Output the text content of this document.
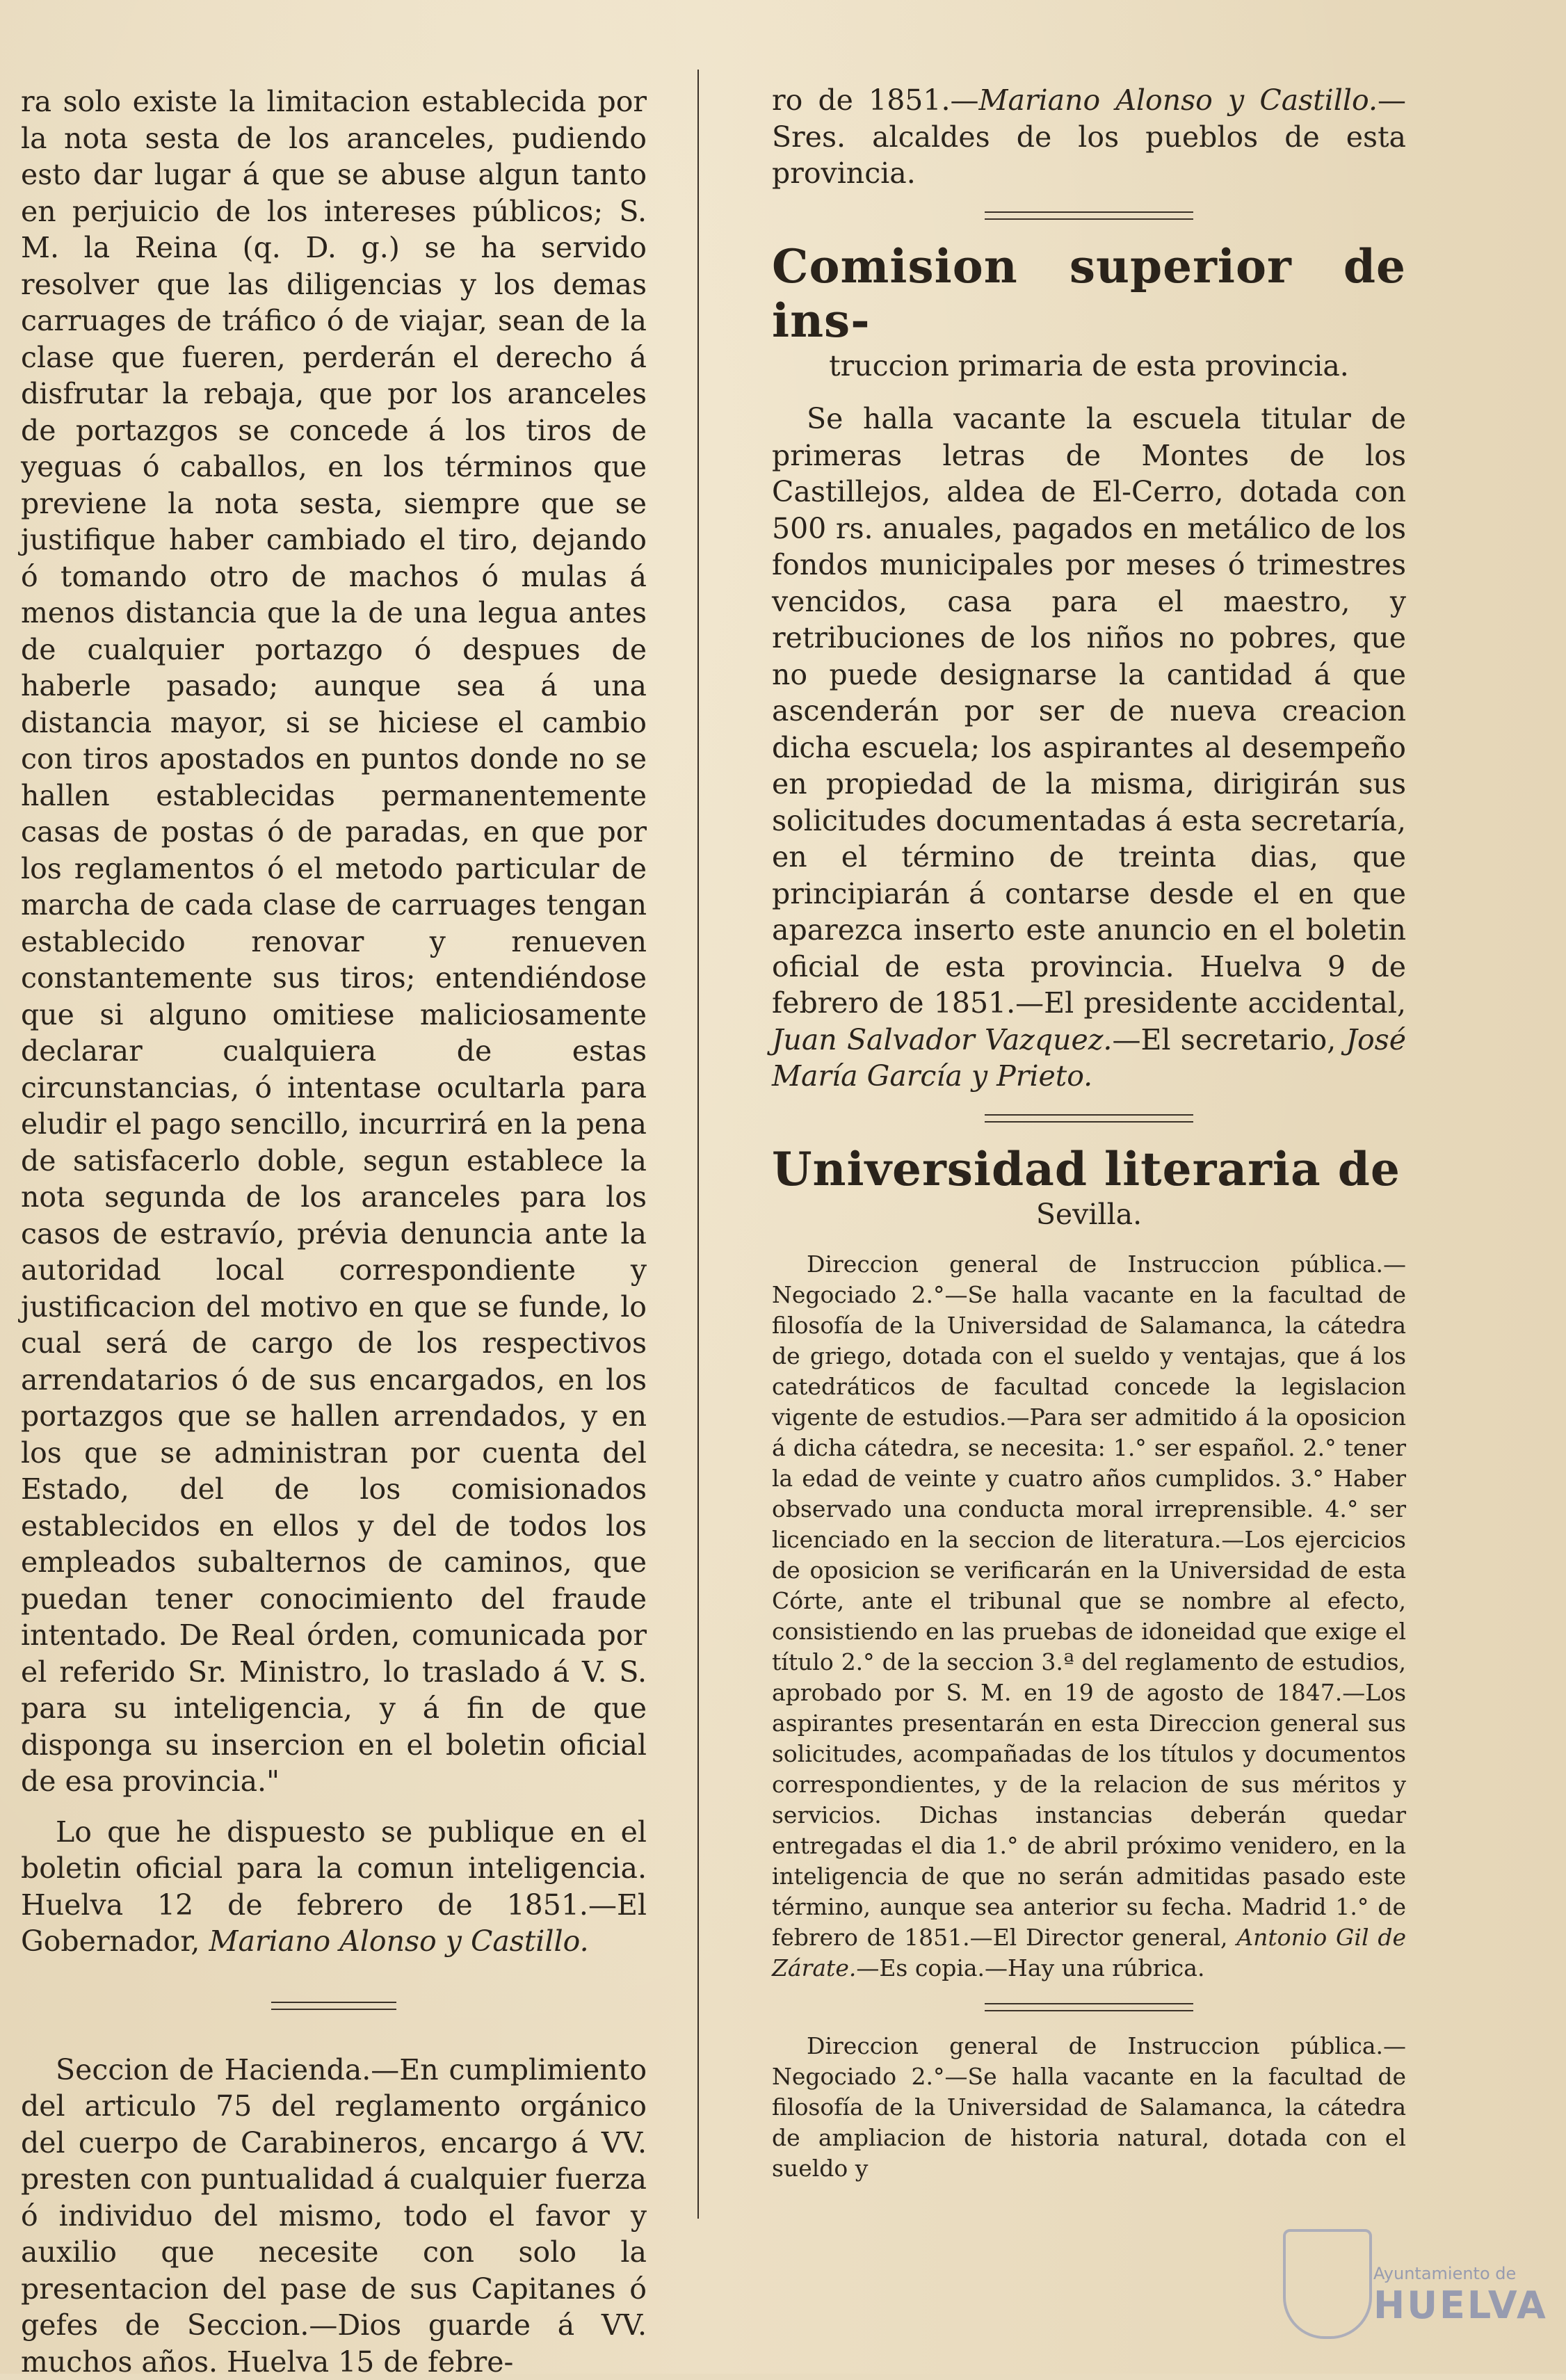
ra solo existe la limitacion establecida por la nota sesta de los aranceles, pudiendo esto dar lugar á que se abuse algun tanto en perjuicio de los intereses públicos; S. M. la Reina (q. D. g.) se ha servido resolver que las diligencias y los demas carruages de tráfico ó de viajar, sean de la clase que fueren, perderán el derecho á disfrutar la rebaja, que por los aranceles de portazgos se concede á los tiros de yeguas ó caballos, en los términos que previene la nota sesta, siempre que se justifique haber cambiado el tiro, dejando ó tomando otro de machos ó mulas á menos distancia que la de una legua antes de cualquier portazgo ó despues de haberle pasado; aunque sea á una distancia mayor, si se hiciese el cambio con tiros apostados en puntos donde no se hallen establecidas permanentemente casas de postas ó de paradas, en que por los reglamentos ó el metodo particular de marcha de cada clase de carruages tengan establecido renovar y renueven constantemente sus tiros; entendiéndose que si alguno omitiese maliciosamente declarar cualquiera de estas circunstancias, ó intentase ocultarla para eludir el pago sencillo, incurrirá en la pena de satisfacerlo doble, segun establece la nota segunda de los aranceles para los casos de estravío, prévia denuncia ante la autoridad local correspondiente y justificacion del motivo en que se funde, lo cual será de cargo de los respectivos arrendatarios ó de sus encargados, en los portazgos que se hallen arrendados, y en los que se administran por cuenta del Estado, del de los comisionados establecidos en ellos y del de todos los empleados subalternos de caminos, que puedan tener conocimiento del fraude intentado. De Real órden, comunicada por el referido Sr. Ministro, lo traslado á V. S. para su inteligencia, y á fin de que disponga su insercion en el boletin oficial de esa provincia."

Lo que he dispuesto se publique en el boletin oficial para la comun inteligencia. Huelva 12 de febrero de 1851.—El Gobernador, Mariano Alonso y Castillo.

Seccion de Hacienda.—En cumplimiento del articulo 75 del reglamento orgánico del cuerpo de Carabineros, encargo á VV. presten con puntualidad á cualquier fuerza ó individuo del mismo, todo el favor y auxilio que necesite con solo la presentacion del pase de sus Capitanes ó gefes de Seccion.—Dios guarde á VV. muchos años. Huelva 15 de febre-

ro de 1851.—Mariano Alonso y Castillo.—Sres. alcaldes de los pueblos de esta provincia.

Comision superior de ins-

truccion primaria de esta provincia.

Se halla vacante la escuela titular de primeras letras de Montes de los Castillejos, aldea de El-Cerro, dotada con 500 rs. anuales, pagados en metálico de los fondos municipales por meses ó trimestres vencidos, casa para el maestro, y retribuciones de los niños no pobres, que no puede designarse la cantidad á que ascenderán por ser de nueva creacion dicha escuela; los aspirantes al desempeño en propiedad de la misma, dirigirán sus solicitudes documentadas á esta secretaría, en el término de treinta dias, que principiarán á contarse desde el en que aparezca inserto este anuncio en el boletin oficial de esta provincia. Huelva 9 de febrero de 1851.—El presidente accidental, Juan Salvador Vazquez.—El secretario, José María García y Prieto.

Universidad literaria de

Sevilla.

Direccion general de Instruccion pública.—Negociado 2.°—Se halla vacante en la facultad de filosofía de la Universidad de Salamanca, la cátedra de griego, dotada con el sueldo y ventajas, que á los catedráticos de facultad concede la legislacion vigente de estudios.—Para ser admitido á la oposicion á dicha cátedra, se necesita: 1.° ser español. 2.° tener la edad de veinte y cuatro años cumplidos. 3.° Haber observado una conducta moral irreprensible. 4.° ser licenciado en la seccion de literatura.—Los ejercicios de oposicion se verificarán en la Universidad de esta Córte, ante el tribunal que se nombre al efecto, consistiendo en las pruebas de idoneidad que exige el título 2.° de la seccion 3.ª del reglamento de estudios, aprobado por S. M. en 19 de agosto de 1847.—Los aspirantes presentarán en esta Direccion general sus solicitudes, acompañadas de los títulos y documentos correspondientes, y de la relacion de sus méritos y servicios. Dichas instancias deberán quedar entregadas el dia 1.° de abril próximo venidero, en la inteligencia de que no serán admitidas pasado este término, aunque sea anterior su fecha. Madrid 1.° de febrero de 1851.—El Director general, Antonio Gil de Zárate.—Es copia.—Hay una rúbrica.

Direccion general de Instruccion pública.—Negociado 2.°—Se halla vacante en la facultad de filosofía de la Universidad de Salamanca, la cátedra de ampliacion de historia natural, dotada con el sueldo y

Ayuntamiento de
HUELVA
